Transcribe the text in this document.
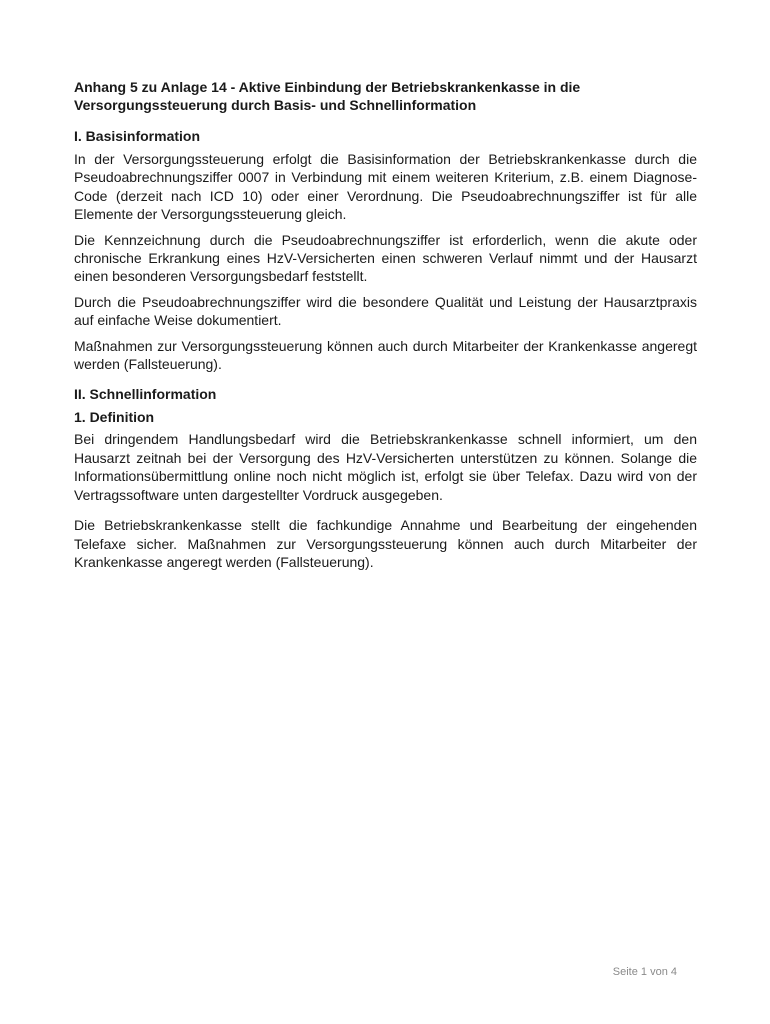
Anhang 5 zu Anlage 14 - Aktive Einbindung der Betriebskrankenkasse in die Versorgungssteuerung durch Basis- und Schnellinformation
I. Basisinformation

In der Versorgungssteuerung erfolgt die Basisinformation der Betriebskrankenkasse durch die Pseudoabrechnungsziffer 0007 in Verbindung mit einem weiteren Kriterium, z.B. einem Diagnose-Code (derzeit nach ICD 10) oder einer Verordnung. Die Pseudoabrechnungsziffer ist für alle Elemente der Versorgungssteuerung gleich.

Die Kennzeichnung durch die Pseudoabrechnungsziffer ist erforderlich, wenn die akute oder chronische Erkrankung eines HzV-Versicherten einen schweren Verlauf nimmt und der Hausarzt einen besonderen Versorgungsbedarf feststellt.

Durch die Pseudoabrechnungsziffer wird die besondere Qualität und Leistung der Hausarztpraxis auf einfache Weise dokumentiert.

Maßnahmen zur Versorgungssteuerung können auch durch Mitarbeiter der Krankenkasse angeregt werden (Fallsteuerung).

II. Schnellinformation
1. Definition

Bei dringendem Handlungsbedarf wird die Betriebskrankenkasse schnell informiert, um den Hausarzt zeitnah bei der Versorgung des HzV-Versicherten unterstützen zu können. Solange die Informationsübermittlung online noch nicht möglich ist, erfolgt sie über Telefax. Dazu wird von der Vertragssoftware unten dargestellter Vordruck ausgegeben.

Die Betriebskrankenkasse stellt die fachkundige Annahme und Bearbeitung der eingehenden Telefaxe sicher. Maßnahmen zur Versorgungssteuerung können auch durch Mitarbeiter der Krankenkasse angeregt werden (Fallsteuerung).

Seite 1 von 4
